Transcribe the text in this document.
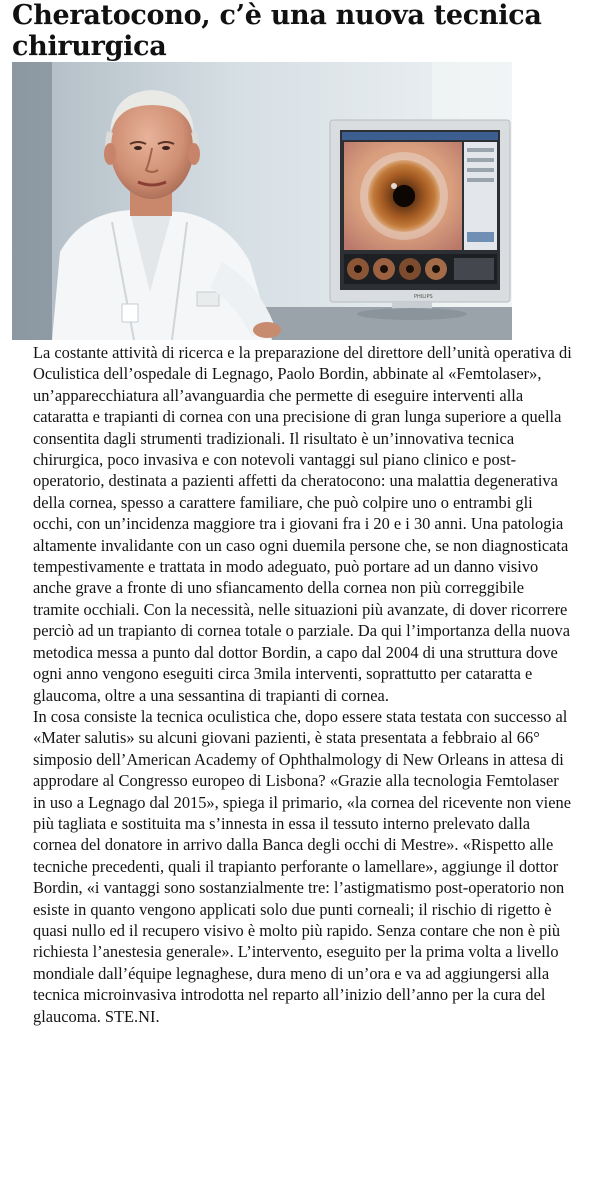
Cheratocono, c’è una nuova tecnica chirurgica
PHILIPS

La costante attività di ricerca e la preparazione del direttore dell’unità operativa di Oculistica dell’ospedale di Legnago, Paolo Bordin, abbinate al «Femtolaser», un’apparecchiatura all’avanguardia che permette di eseguire interventi alla cataratta e trapianti di cornea con una precisione di gran lunga superiore a quella consentita dagli strumenti tradizionali. Il risultato è un’innovativa tecnica chirurgica, poco invasiva e con notevoli vantaggi sul piano clinico e post-operatorio, destinata a pazienti affetti da cheratocono: una malattia degenerativa della cornea, spesso a carattere familiare, che può colpire uno o entrambi gli occhi, con un’incidenza maggiore tra i giovani fra i 20 e i 30 anni. Una patologia altamente invalidante con un caso ogni duemila persone che, se non diagnosticata tempestivamente e trattata in modo adeguato, può portare ad un danno visivo anche grave a fronte di uno sfiancamento della cornea non più correggibile tramite occhiali. Con la necessità, nelle situazioni più avanzate, di dover ricorrere perciò ad un trapianto di cornea totale o parziale. Da qui l’importanza della nuova metodica messa a punto dal dottor Bordin, a capo dal 2004 di una struttura dove ogni anno vengono eseguiti circa 3mila interventi, soprattutto per cataratta e glaucoma, oltre a una sessantina di trapianti di cornea.

In cosa consiste la tecnica oculistica che, dopo essere stata testata con successo al «Mater salutis» su alcuni giovani pazienti, è stata presentata a febbraio al 66° simposio dell’American Academy of Ophthalmology di New Orleans in attesa di approdare al Congresso europeo di Lisbona? «Grazie alla tecnologia Femtolaser in uso a Legnago dal 2015», spiega il primario, «la cornea del ricevente non viene più tagliata e sostituita ma s’innesta in essa il tessuto interno prelevato dalla cornea del donatore in arrivo dalla Banca degli occhi di Mestre». «Rispetto alle tecniche precedenti, quali il trapianto perforante o lamellare», aggiunge il dottor Bordin, «i vantaggi sono sostanzialmente tre: l’astigmatismo post-operatorio non esiste in quanto vengono applicati solo due punti corneali; il rischio di rigetto è quasi nullo ed il recupero visivo è molto più rapido. Senza contare che non è più richiesta l’anestesia generale». L’intervento, eseguito per la prima volta a livello mondiale dall’équipe legnaghese, dura meno di un’ora e va ad aggiungersi alla tecnica microinvasiva introdotta nel reparto all’inizio dell’anno per la cura del glaucoma. STE.NI.
